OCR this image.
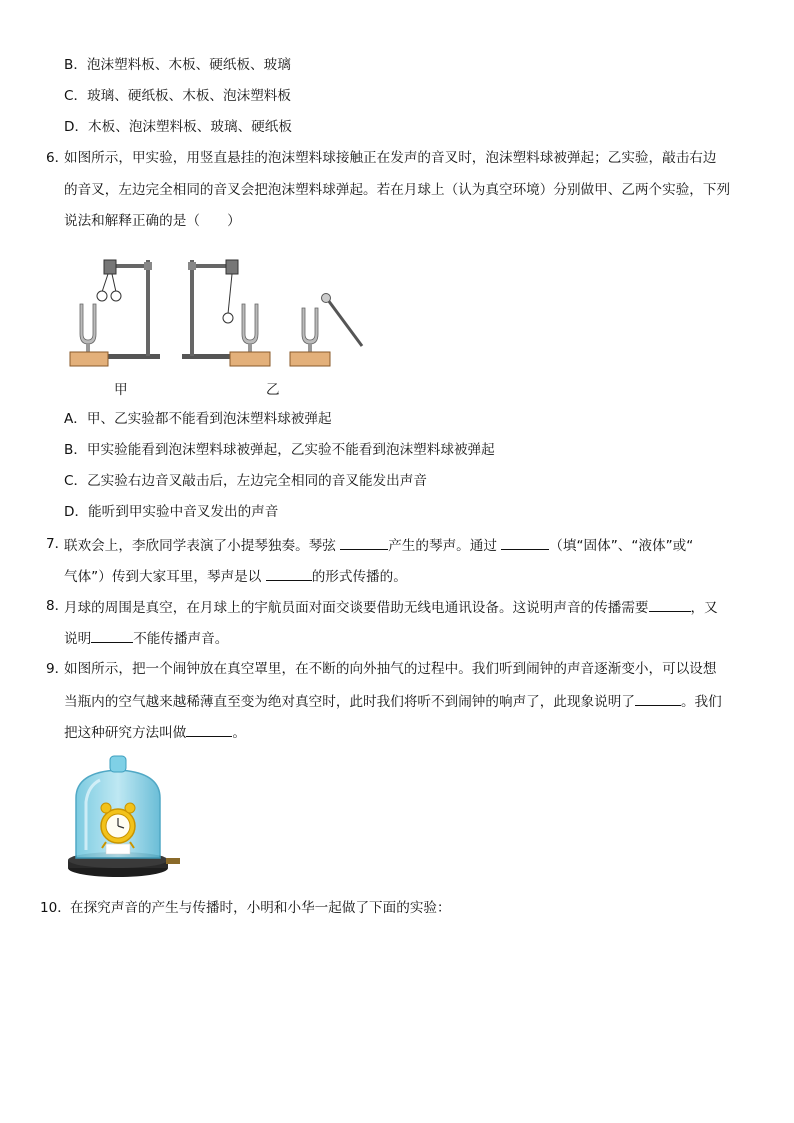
B．泡沫塑料板、木板、硬纸板、玻璃
C．玻璃、硬纸板、木板、泡沫塑料板
D．木板、泡沫塑料板、玻璃、硬纸板
6．
如图所示，甲实验，用竖直悬挂的泡沫塑料球接触正在发声的音叉时，泡沫塑料球被弹起；乙实验，敲击右边
的音叉，左边完全相同的音叉会把泡沫塑料球弹起。若在月球上（认为真空环境）分别做甲、乙两个实验，下列
说法和解释正确的是（　　）
甲	乙
A．甲、乙实验都不能看到泡沫塑料球被弹起
B．甲实验能看到泡沫塑料球被弹起，乙实验不能看到泡沫塑料球被弹起
C．乙实验右边音叉敲击后，左边完全相同的音叉能发出声音
D．能听到甲实验中音叉发出的声音
7．
联欢会上，李欣同学表演了小提琴独奏。琴弦	产生的琴声。通过	（填“固体”、“液体”或“
气体”）传到大家耳里，琴声是以	的形式传播的。
8．
月球的周围是真空，在月球上的宇航员面对面交谈要借助无线电通讯设备。这说明声音的传播需要	，又
说明	不能传播声音。
9．
如图所示，把一个闹钟放在真空罩里，在不断的向外抽气的过程中。我们听到闹钟的声音逐渐变小，可以设想
当瓶内的空气越来越稀薄直至变为绝对真空时，此时我们将听不到闹钟的响声了，此现象说明了	。我们
把这种研究方法叫做	。
10． 在探究声音的产生与传播时，小明和小华一起做了下面的实验：
